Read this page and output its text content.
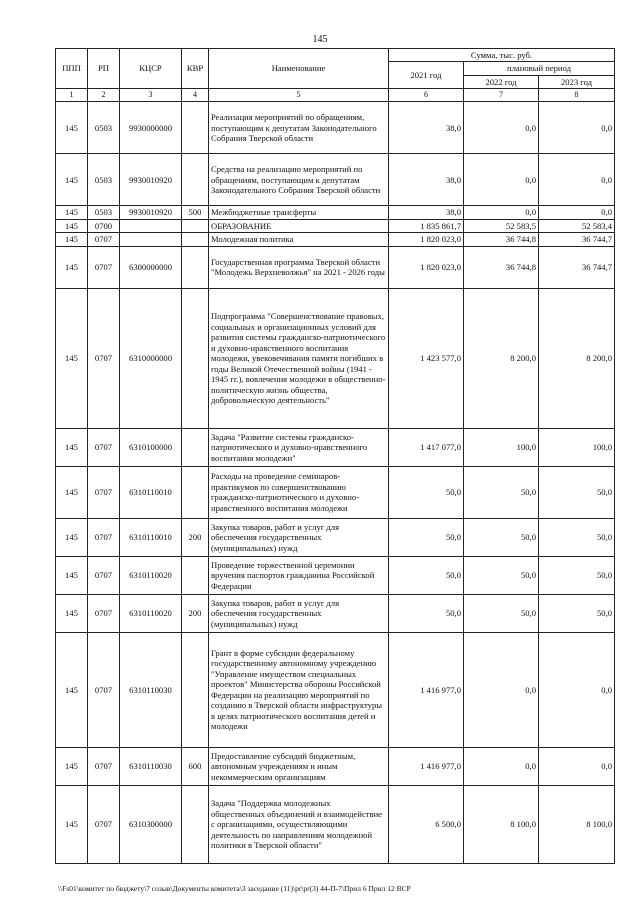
145
ППП	РП	КЦСР	КВР	Наименование	Сумма, тыс. руб.		
					2021 год	плановый период	
						2022 год	2023 год
1	2	3	4	5	6	7	8
145	0503	9930000000		Реализация мероприятий по обращениям, поступающим к депутатам Законодательного Собрания Тверской области	38,0	0,0	0,0
145	0503	9930010920		Средства на реализацию мероприятий по обращениям, поступающим к депутатам Законодательного Собрания Тверской области	38,0	0,0	0,0
145	0503	9930010920	500	Межбюджетные трансферты	38,0	0,0	0,0
145	0700			ОБРАЗОВАНИЕ	1 835 861,7	52 583,5	52 583,4
145	0707			Молодежная политика	1 820 023,0	36 744,8	36 744,7
145	0707	6300000000		Государственная программа Тверской области "Молодежь Верхневолжья" на 2021 - 2026 годы	1 820 023,0	36 744,8	36 744,7
145	0707	6310000000		Подпрограмма "Совершенствование правовых, социальных и организационных условий для развития системы гражданско-патриотического и духовно-нравственного воспитания молодежи, увековечивания памяти погибших в годы Великой Отечественной войны (1941 - 1945 гг.), вовлечения молодежи в общественно-политическую жизнь общества, добровольческую деятельность"	1 423 577,0	8 200,0	8 200,0
145	0707	6310100000		Задача "Развитие системы гражданско-патриотического и духовно-нравственного воспитания молодежи"	1 417 077,0	100,0	100,0
145	0707	6310110010		Расходы на проведение семинаров-практикумов по совершенствованию гражданско-патриотического и духовно-нравственного воспитания молодежи	50,0	50,0	50,0
145	0707	6310110010	200	Закупка товаров, работ и услуг для обеспечения государственных (муниципальных) нужд	50,0	50,0	50,0
145	0707	6310110020		Проведение торжественной церемонии вручения паспортов гражданина Российской Федерации	50,0	50,0	50,0
145	0707	6310110020	200	Закупка товаров, работ и услуг для обеспечения государственных (муниципальных) нужд	50,0	50,0	50,0
145	0707	6310110030		Грант в форме субсидии федеральному государственному автономному учреждению "Управление имуществом специальных проектов" Министерства обороны Российской Федерации на реализацию мероприятий по созданию в Тверской области инфраструктуры в целях патриотического воспитания детей и молодежи	1 416 977,0	0,0	0,0
145	0707	6310110030	600	Предоставление субсидий бюджетным, автономным учреждениям и иным некоммерческим организациям	1 416 977,0	0,0	0,0
145	0707	6310300000		Задача "Поддержка молодежных общественных объединений и взаимодействие с организациями, осуществляющими деятельность по направлениям молодежной политики в Тверской области"	6 500,0	8 100,0	8 100,0
\\Fs01\комитет по бюджету\7 созыв\Документы комитета\3 заседание (11)\pr\pr(3) 44-П-7\Прил 6 Прил 12 ВСР
